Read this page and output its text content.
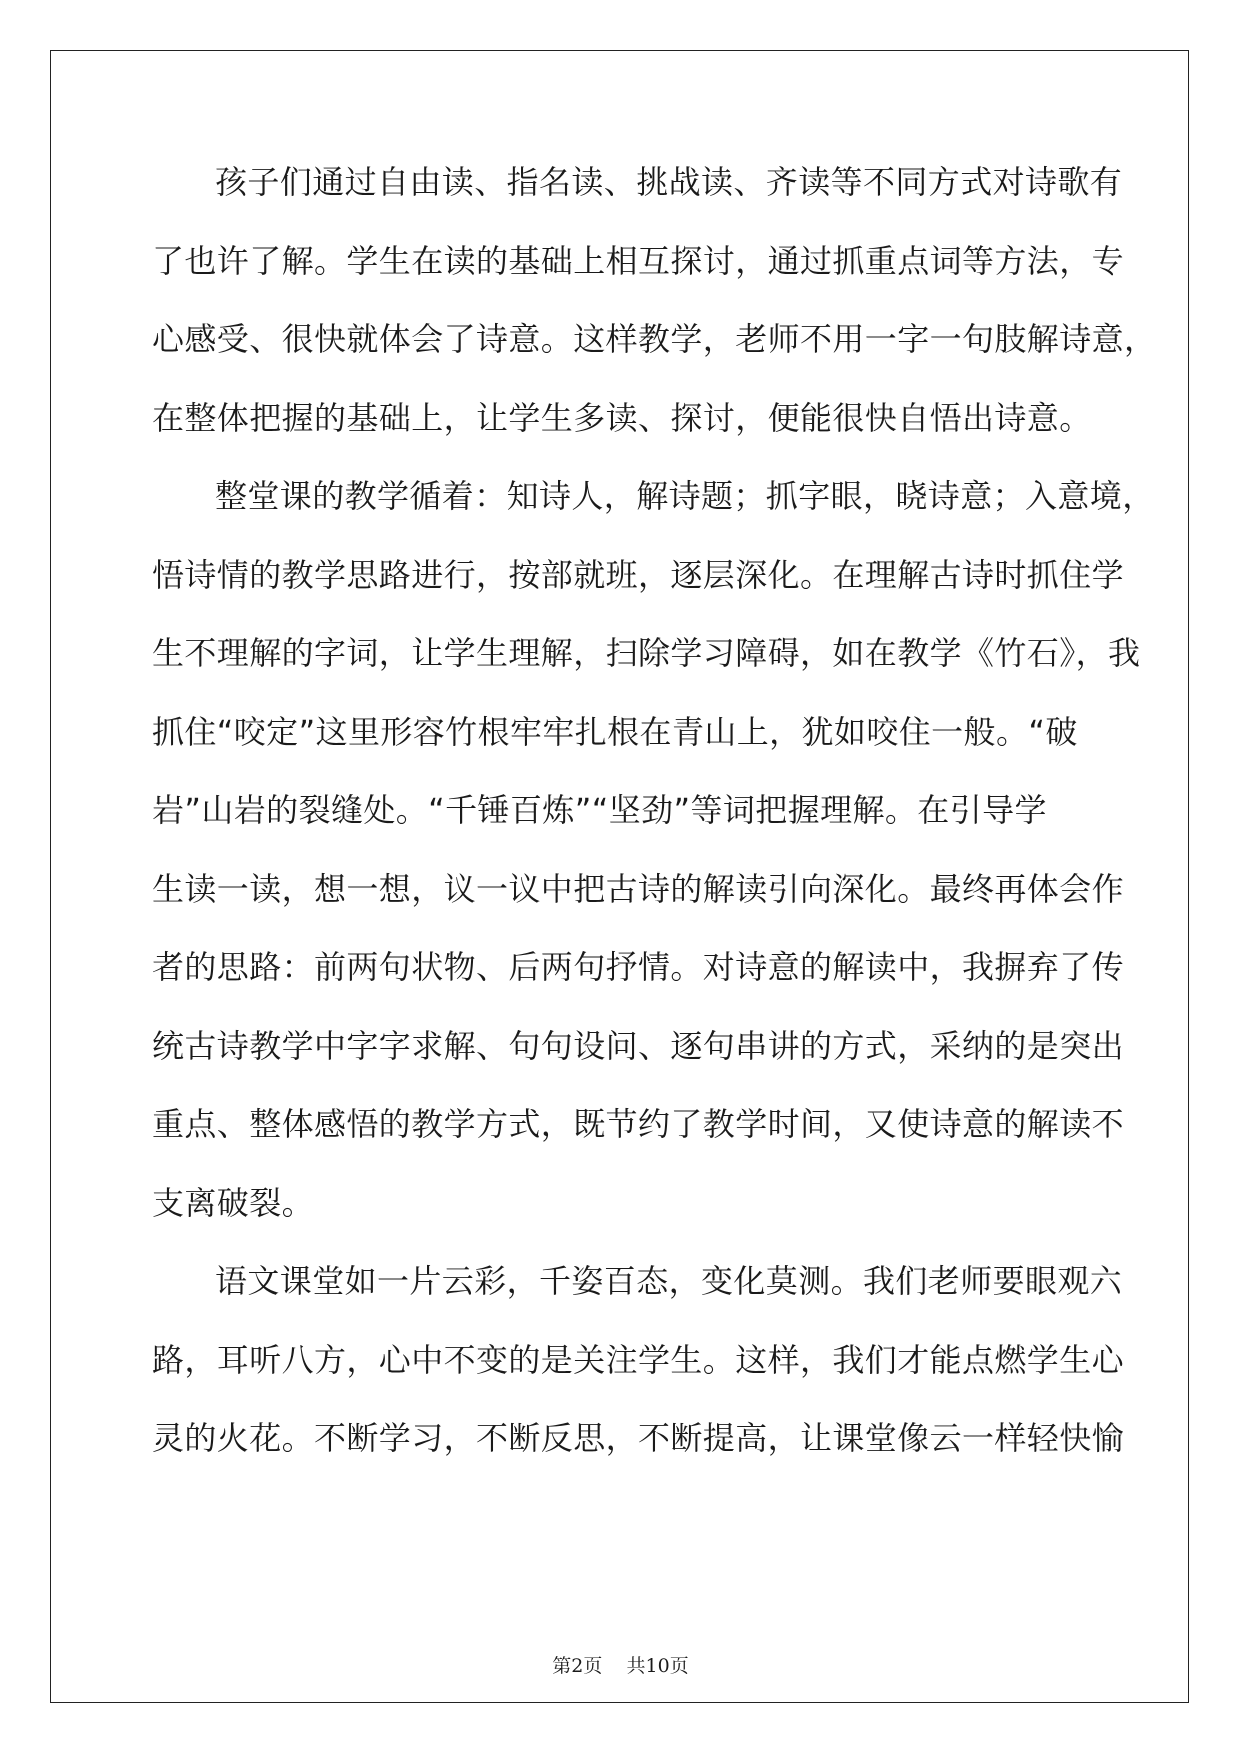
孩子们通过自由读、指名读、挑战读、齐读等不同方式对诗歌有
了也许了解。学生在读的基础上相互探讨，通过抓重点词等方法，专
心感受、很快就体会了诗意。这样教学，老师不用一字一句肢解诗意，
在整体把握的基础上，让学生多读、探讨，便能很快自悟出诗意。
整堂课的教学循着：知诗人，解诗题；抓字眼，晓诗意；入意境，
悟诗情的教学思路进行，按部就班，逐层深化。在理解古诗时抓住学
生不理解的字词，让学生理解，扫除学习障碍，如在教学《竹石》，我
抓住“咬定”这里形容竹根牢牢扎根在青山上，犹如咬住一般。“破
岩”山岩的裂缝处。“千锤百炼”“坚劲”等词把握理解。在引导学
生读一读，想一想，议一议中把古诗的解读引向深化。最终再体会作
者的思路：前两句状物、后两句抒情。对诗意的解读中，我摒弃了传
统古诗教学中字字求解、句句设问、逐句串讲的方式，采纳的是突出
重点、整体感悟的教学方式，既节约了教学时间，又使诗意的解读不
支离破裂。
语文课堂如一片云彩，千姿百态，变化莫测。我们老师要眼观六
路，耳听八方，心中不变的是关注学生。这样，我们才能点燃学生心
灵的火花。不断学习，不断反思，不断提高，让课堂像云一样轻快愉
第2页    共10页
